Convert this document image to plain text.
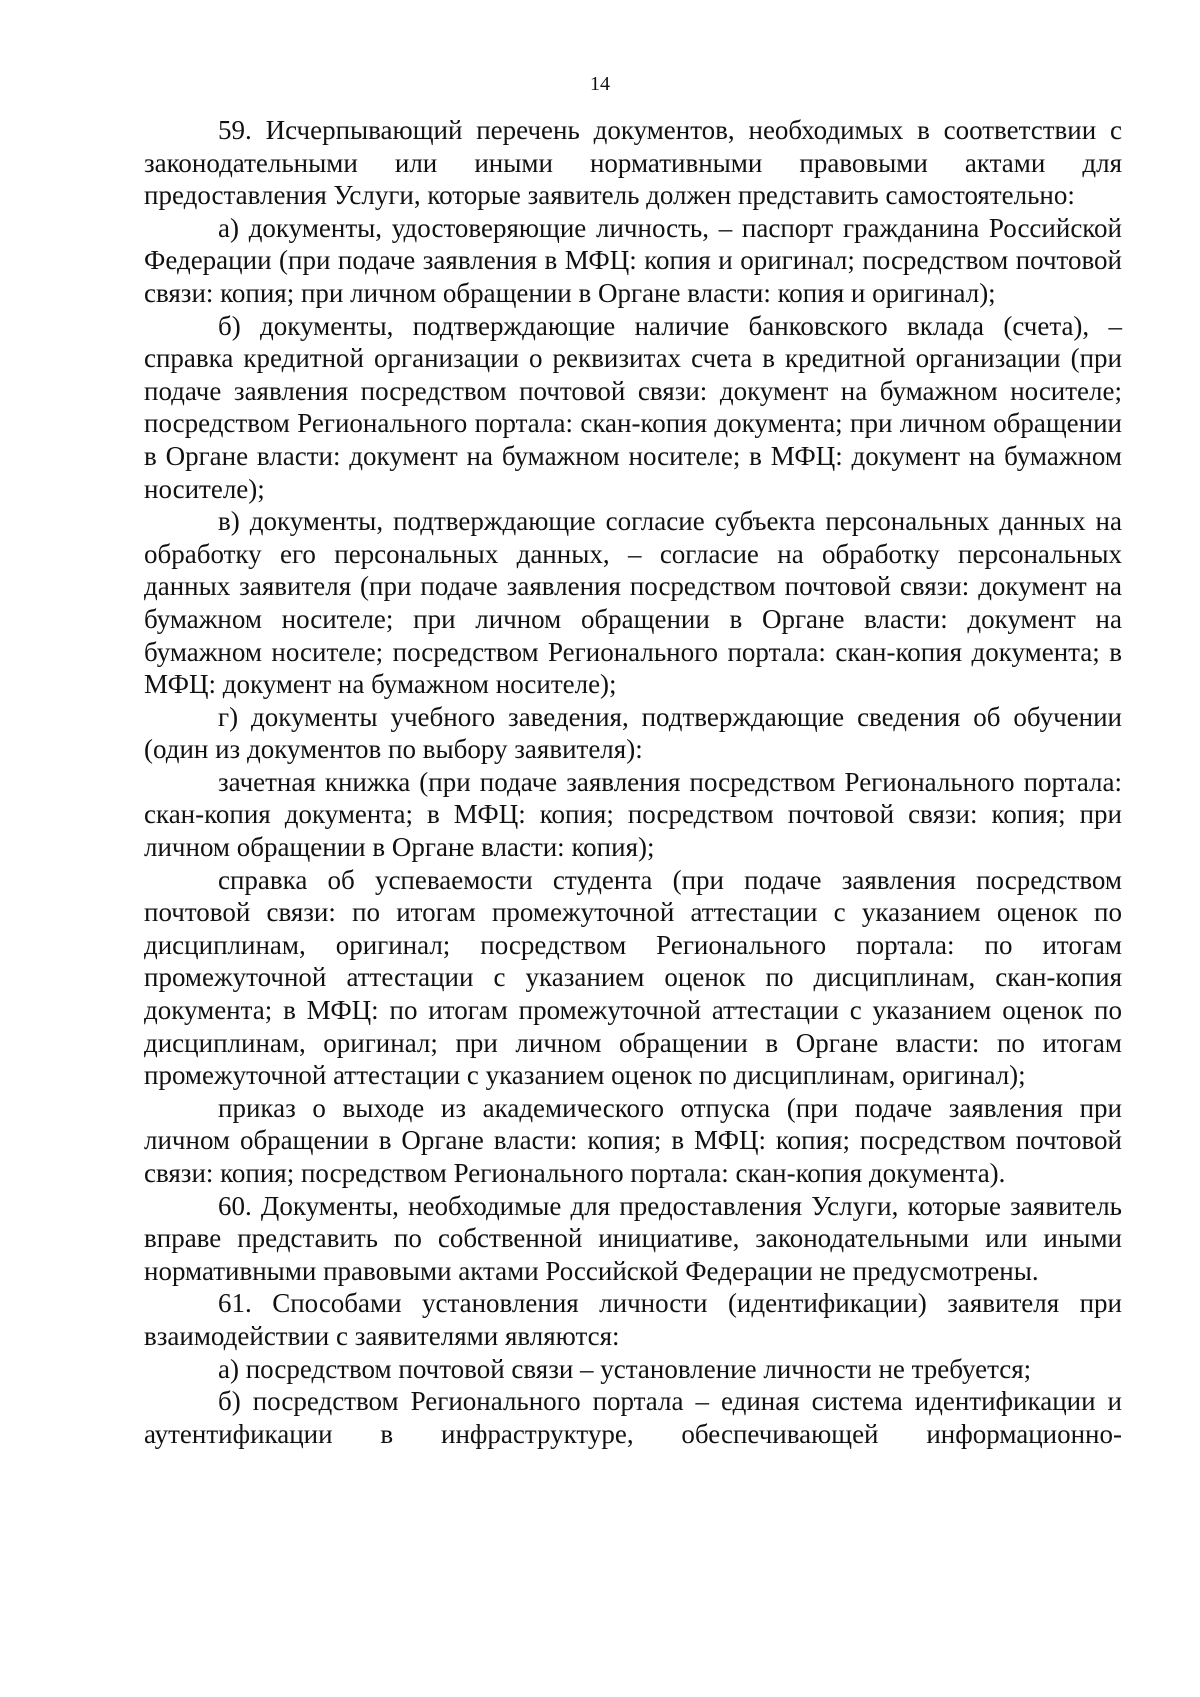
14

59. Исчерпывающий перечень документов, необходимых в соответствии с законодательными или иными нормативными правовыми актами для предоставления Услуги, которые заявитель должен представить самостоятельно:

а) документы, удостоверяющие личность, – паспорт гражданина Российской Федерации (при подаче заявления в МФЦ: копия и оригинал; посредством почтовой связи: копия; при личном обращении в Органе власти: копия и оригинал);

б) документы, подтверждающие наличие банковского вклада (счета), – справка кредитной организации о реквизитах счета в кредитной организации (при подаче заявления посредством почтовой связи: документ на бумажном носителе; посредством Регионального портала: скан-копия документа; при личном обращении в Органе власти: документ на бумажном носителе; в МФЦ: документ на бумажном носителе);

в) документы, подтверждающие согласие субъекта персональных данных на обработку его персональных данных, – согласие на обработку персональных данных заявителя (при подаче заявления посредством почтовой связи: документ на бумажном носителе; при личном обращении в Органе власти: документ на бумажном носителе; посредством Регионального портала: скан-копия документа; в МФЦ: документ на бумажном носителе);

г) документы учебного заведения, подтверждающие сведения об обучении (один из документов по выбору заявителя):

зачетная книжка (при подаче заявления посредством Регионального портала: скан-копия документа; в МФЦ: копия; посредством почтовой связи: копия; при личном обращении в Органе власти: копия);

справка об успеваемости студента (при подаче заявления посредством почтовой связи: по итогам промежуточной аттестации с указанием оценок по дисциплинам, оригинал; посредством Регионального портала: по итогам промежуточной аттестации с указанием оценок по дисциплинам, скан-копия документа; в МФЦ: по итогам промежуточной аттестации с указанием оценок по дисциплинам, оригинал; при личном обращении в Органе власти: по итогам промежуточной аттестации с указанием оценок по дисциплинам, оригинал);

приказ о выходе из академического отпуска (при подаче заявления при личном обращении в Органе власти: копия; в МФЦ: копия; посредством почтовой связи: копия; посредством Регионального портала: скан-копия документа).

60. Документы, необходимые для предоставления Услуги, которые заявитель вправе представить по собственной инициативе, законодательными или иными нормативными правовыми актами Российской Федерации не предусмотрены.

61. Способами установления личности (идентификации) заявителя при взаимодействии с заявителями являются:

а) посредством почтовой связи – установление личности не требуется;

б) посредством Регионального портала – единая система идентификации и аутентификации в инфраструктуре, обеспечивающей информационно-
